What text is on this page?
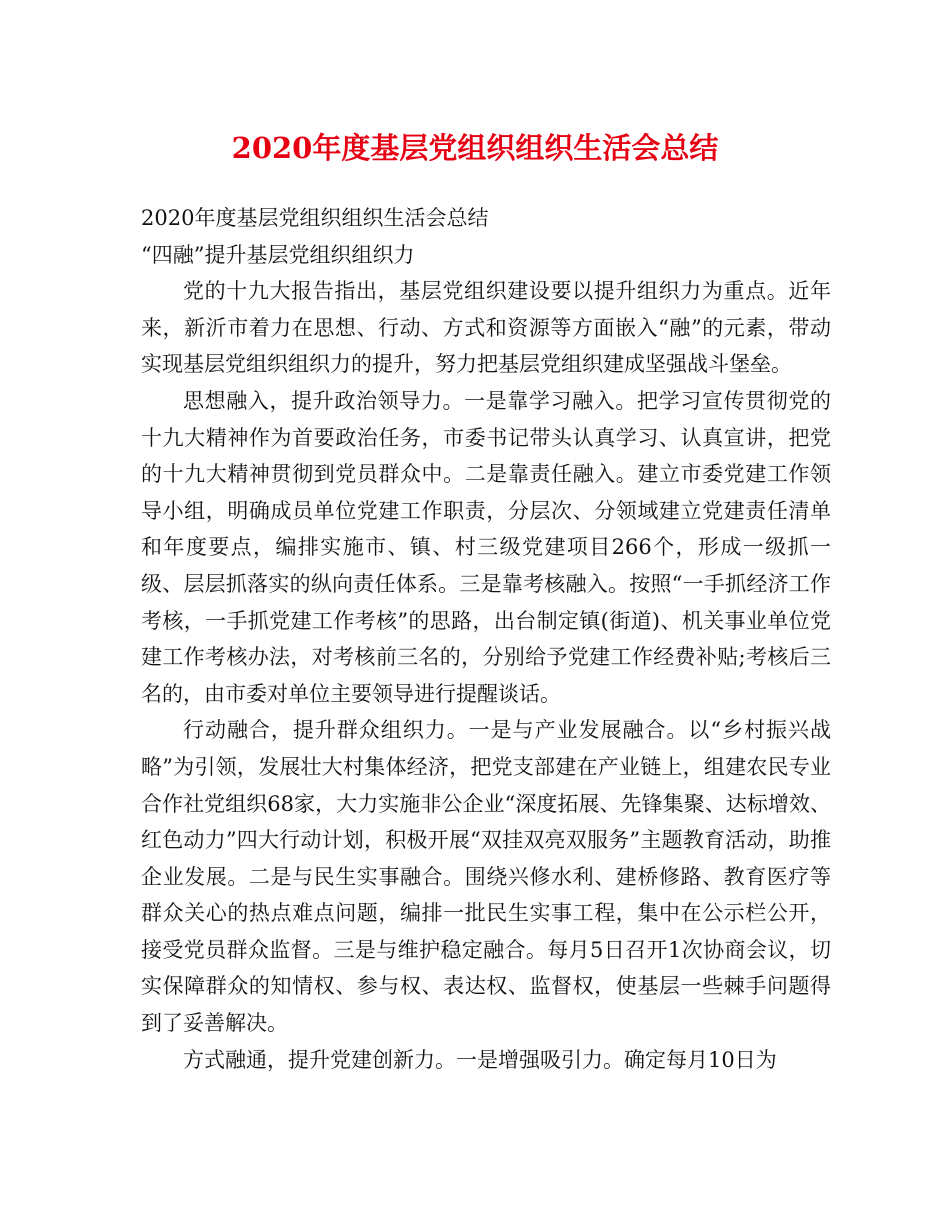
2020年度基层党组织组织生活会总结
2020年度基层党组织组织生活会总结
“四融”提升基层党组织组织力

党的十九大报告指出，基层党组织建设要以提升组织力为重点。近年来，新沂市着力在思想、行动、方式和资源等方面嵌入“融”的元素，带动实现基层党组织组织力的提升，努力把基层党组织建成坚强战斗堡垒。

思想融入，提升政治领导力。一是靠学习融入。把学习宣传贯彻党的十九大精神作为首要政治任务，市委书记带头认真学习、认真宣讲，把党的十九大精神贯彻到党员群众中。二是靠责任融入。建立市委党建工作领导小组，明确成员单位党建工作职责，分层次、分领域建立党建责任清单和年度要点，编排实施市、镇、村三级党建项目266个，形成一级抓一级、层层抓落实的纵向责任体系。三是靠考核融入。按照“一手抓经济工作考核，一手抓党建工作考核”的思路，出台制定镇(街道)、机关事业单位党建工作考核办法，对考核前三名的，分别给予党建工作经费补贴;考核后三名的，由市委对单位主要领导进行提醒谈话。

行动融合，提升群众组织力。一是与产业发展融合。以“乡村振兴战略”为引领，发展壮大村集体经济，把党支部建在产业链上，组建农民专业合作社党组织68家，大力实施非公企业“深度拓展、先锋集聚、达标增效、红色动力”四大行动计划，积极开展“双挂双亮双服务”主题教育活动，助推企业发展。二是与民生实事融合。围绕兴修水利、建桥修路、教育医疗等群众关心的热点难点问题，编排一批民生实事工程，集中在公示栏公开，接受党员群众监督。三是与维护稳定融合。每月5日召开1次协商会议，切实保障群众的知情权、参与权、表达权、监督权，使基层一些棘手问题得到了妥善解决。

方式融通，提升党建创新力。一是增强吸引力。确定每月10日为
